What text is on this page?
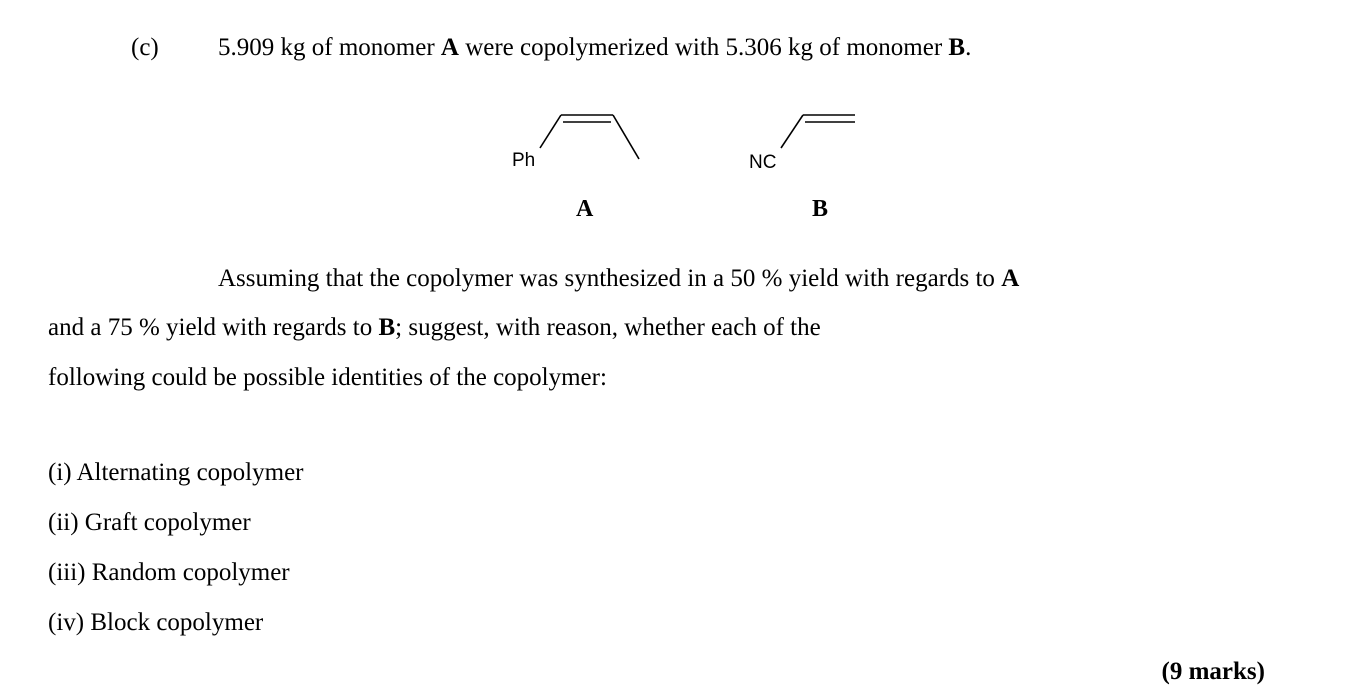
(c) 5.909 kg of monomer A were copolymerized with 5.306 kg of monomer B.
Ph
A
NC
B
Assuming that the copolymer was synthesized in a 50 % yield with regards to A
and a 75 % yield with regards to B; suggest, with reason, whether each of the
following could be possible identities of the copolymer:
(i) Alternating copolymer
(ii) Graft copolymer
(iii) Random copolymer
(iv) Block copolymer
(9 marks)
